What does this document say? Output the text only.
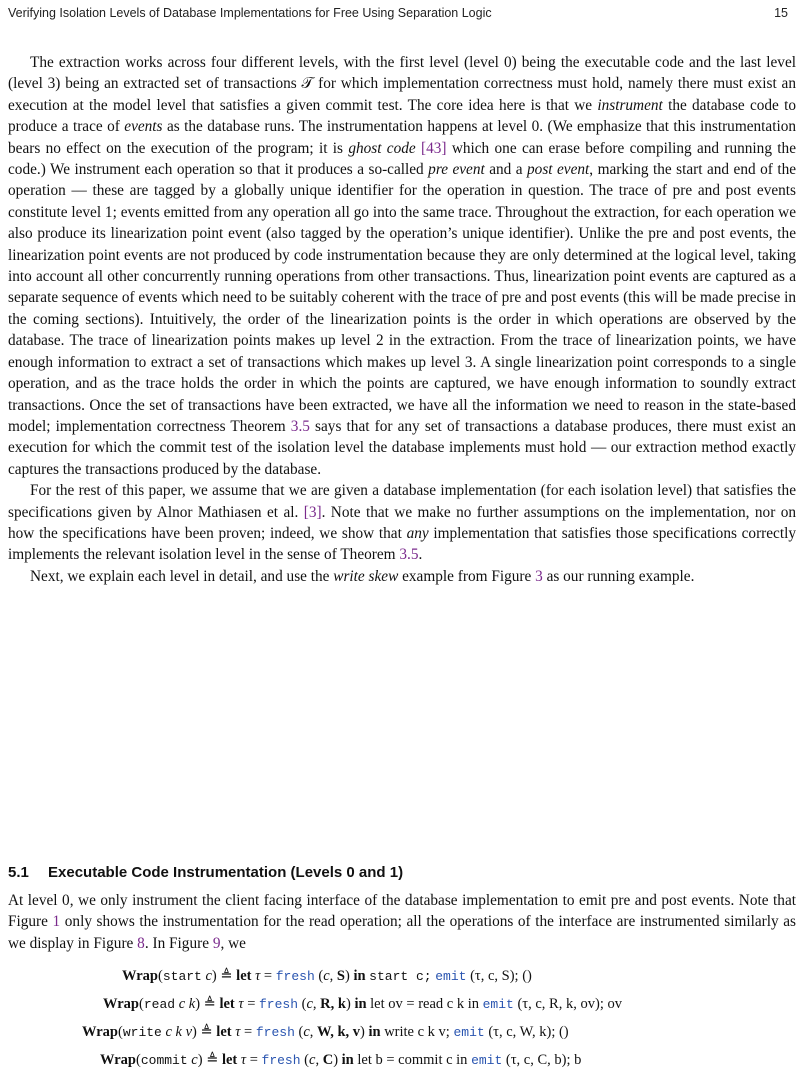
Verifying Isolation Levels of Database Implementations for Free Using Separation Logic	15

The extraction works across four different levels, with the first level (level 0) being the executable code and the last level (level 3) being an extracted set of transactions 𝒯 for which implementation correctness must hold, namely there must exist an execution at the model level that satisfies a given commit test. The core idea here is that we instrument the database code to produce a trace of events as the database runs. The instrumentation happens at level 0. (We emphasize that this instrumentation bears no effect on the execution of the program; it is ghost code [43] which one can erase before compiling and running the code.) We instrument each operation so that it produces a so-called pre event and a post event, marking the start and end of the operation — these are tagged by a globally unique identifier for the operation in question. The trace of pre and post events constitute level 1; events emitted from any operation all go into the same trace. Throughout the extraction, for each operation we also produce its linearization point event (also tagged by the operation’s unique identifier). Unlike the pre and post events, the linearization point events are not produced by code instrumentation because they are only determined at the logical level, taking into account all other concurrently running operations from other transactions. Thus, linearization point events are captured as a separate sequence of events which need to be suitably coherent with the trace of pre and post events (this will be made precise in the coming sections). Intuitively, the order of the linearization points is the order in which operations are observed by the database. The trace of linearization points makes up level 2 in the extraction. From the trace of linearization points, we have enough information to extract a set of transactions which makes up level 3. A single linearization point corresponds to a single operation, and as the trace holds the order in which the points are captured, we have enough information to soundly extract transactions. Once the set of transactions have been extracted, we have all the information we need to reason in the state-based model; implementation correctness Theorem 3.5 says that for any set of transactions a database produces, there must exist an execution for which the commit test of the isolation level the database implements must hold — our extraction method exactly captures the transactions produced by the database.

For the rest of this paper, we assume that we are given a database implementation (for each isolation level) that satisfies the specifications given by Alnor Mathiasen et al. [3]. Note that we make no further assumptions on the implementation, nor on how the specifications have been proven; indeed, we show that any implementation that satisfies those specifications correctly implements the relevant isolation level in the sense of Theorem 3.5.

Next, we explain each level in detail, and use the write skew example from Figure 3 as our running example.

5.1 Executable Code Instrumentation (Levels 0 and 1)

At level 0, we only instrument the client facing interface of the database implementation to emit pre and post events. Note that Figure 1 only shows the instrumentation for the read operation; all the operations of the interface are instrumented similarly as we display in Figure 8. In Figure 9, we

Wrap(start c) ≜ let τ = fresh (c, S) in start c; emit (τ, c, S); ()
Wrap(read c k) ≜ let τ = fresh (c, R, k) in let ov = read c k in emit (τ, c, R, k, ov); ov
Wrap(write c k v) ≜ let τ = fresh (c, W, k, v) in write c k v; emit (τ, c, W, k); ()
Wrap(commit c) ≜ let τ = fresh (c, C) in let b = commit c in emit (τ, c, C, b); b
